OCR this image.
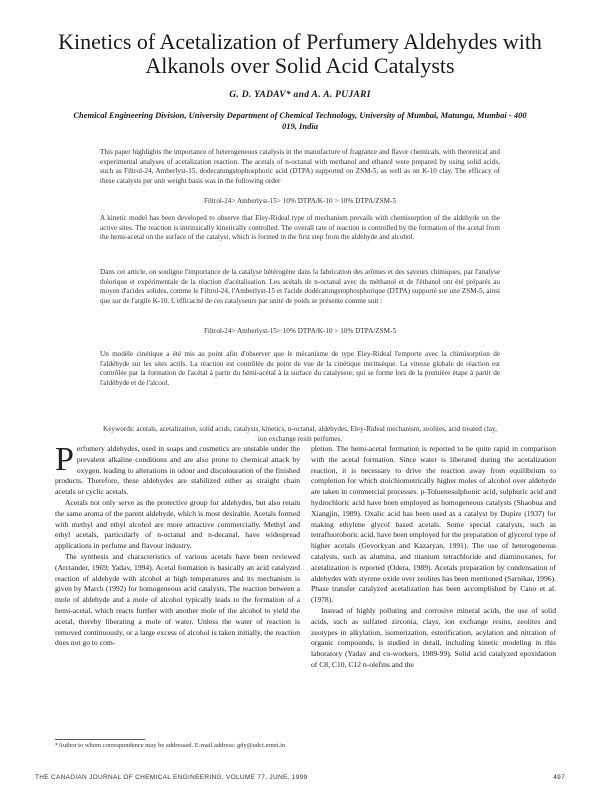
Kinetics of Acetalization of Perfumery Aldehydes with Alkanols over Solid Acid Catalysts
G. D. YADAV* and A. A. PUJARI
Chemical Engineering Division, University Department of Chemical Technology, University of Mumbai, Matunga, Mumbai - 400 019, India

This paper highlights the importance of heterogeneous catalysis in the manufacture of fragrance and flavor chemicals, with theoretical and experimental analyses of acetalization reaction. The acetals of n-octanal with methanol and ethanol were prepared by using solid acids, such as Filtrol-24, Amberlyst-15, dodecatungstophosphoric acid (DTPA) supported on ZSM-5, as well as on K-10 clay. The efficacy of these catalysts per unit weight basis was in the following order

Filtrol-24> Amberlyst-15> 10% DTPA/K-10 > 10% DTPA/ZSM-5

A kinetic model has been developed to observe that Eley-Rideal type of mechanism prevails with chemisorption of the aldehyde on the active sites. The reaction is intrinsically kinetically controlled. The overall rate of reaction is controlled by the formation of the acetal from the hemi-acetal on the surface of the catalyst, which is formed in the first step from the aldehyde and alcohol.

Dans cet article, on souligne l'importance de la catalyse hétérogène dans la fabrication des arômes et des saveurs chimiques, par l'analyse théorique et expérimentale de la réaction d'acétalisation. Les acétals de n-octanal avec du méthanol et de l'éthanol ont été préparés au moyen d'acides solides, comme le Filtrol-24, l'Amberlyst-15 et l'acide dodécatungstophosphorique (DTPA) supporté sur une ZSM-5, ainsi que sur de l'argile K-10. L'efficacité de ces catalyseurs par unité de poids se présente comme suit :

Filtrol-24> Amberlyst-15> 10% DTPA/K-10 > 10% DTPA/ZSM-5

Un modèle cinétique a été mis au point afin d'observer que le mécanisme de type Eley-Rideal l'emporte avec la chimisorption de l'aldéhyde sur les sites actifs. La réaction est contrôlée du point de vue de la cinétique intrinsèque. La vitesse globale de réaction est contrôlée par la formation de l'acétal à partir du hémi-acétal à la surface du catalyseur, qui se forme lors de la première étape à partir de l'aldéhyde et de l'alcool.

Keywords: acetals, acetalization, solid acids, catalysts, kinetics, n-octanal, aldehydes, Eley-Rideal mechanism, zeolites, acid treated clay, ion exchange resin perfumes.

Perfumery aldehydes, used in soaps and cosmetics are unstable under the prevalent alkaline conditions and are also prone to chemical attack by oxygen, leading to alterations in odour and discolouration of the finished products. Therefore, these aldehydes are stabilized either as straight chain acetals or cyclic acetals.

Acetals not only serve as the protective group for aldehydes, but also retain the same aroma of the parent aldehyde, which is most desirable. Acetals formed with methyl and ethyl alcohol are more attractive commercially. Methyl and ethyl acetals, particularly of n-octanal and n-decanal, have widespread applications in perfume and flavour industry.

The synthesis and characteristics of various acetals have been reviewed (Arctander, 1969; Yadav, 1994). Acetal formation is basically an acid catalyzed reaction of aldehyde with alcohol at high temperatures and its mechanism is given by March (1992) for homogeneous acid catalysts. The reaction between a mole of aldehyde and a mole of alcohol typically leads to the formation of a hemi-acetal, which reacts further with another mole of the alcohol to yield the acetal, thereby liberating a mole of water. Unless the water of reaction is removed continuously, or a large excess of alcohol is taken initially, the reaction does not go to com-

pletion. The hemi-acetal formation is reported to be quite rapid in comparison with the acetal formation. Since water is liberated during the acetalization reaction, it is necessary to drive the reaction away from equilibrium to completion for which stoichiometrically higher moles of alcohol over aldehyde are taken in commercial processes. p-Toluenesulphonic acid, sulphuric acid and hydrochloric acid have been employed as homogeneous catalysts (Shaobua and Xiangjin, 1989). Oxalic acid has been used as a catalyst by Dupire (1937) for making ethylene glycol based acetals. Some special catalysts, such as tetrafluoroboric acid, have been employed for the preparation of glycerol type of higher acetals (Gevorkyan and Kazaryan, 1991). The use of heterogeneous catalysts, such as alumina, and titanium tetrachloride and diaminoxanes, for acetalization is reported (Odera, 1989). Acetals preparation by condensation of aldehydes with styrene oxide over zeolites has been mentioned (Sarnikar, 1996). Phase transfer catalyzed acetalization has been accomplished by Cano et al. (1978).

Instead of highly polluting and corrosive mineral acids, the use of solid acids, such as sulfated zirconia, clays, ion exchange resins, zeolites and zeotypes in alkylation, isomerization, esterification, acylation and nitration of organic compounds, is studied in detail, including kinetic modeling in this laboratory (Yadav and co-workers, 1989-99). Solid acid catalyzed epoxidation of C8, C10, C12 n-olefins and the

*Author to whom correspondence may be addressed. E-mail address: gdy@udct.ernet.in
THE CANADIAN JOURNAL OF CHEMICAL ENGINEERING, VOLUME 77, JUNE, 1999	497
